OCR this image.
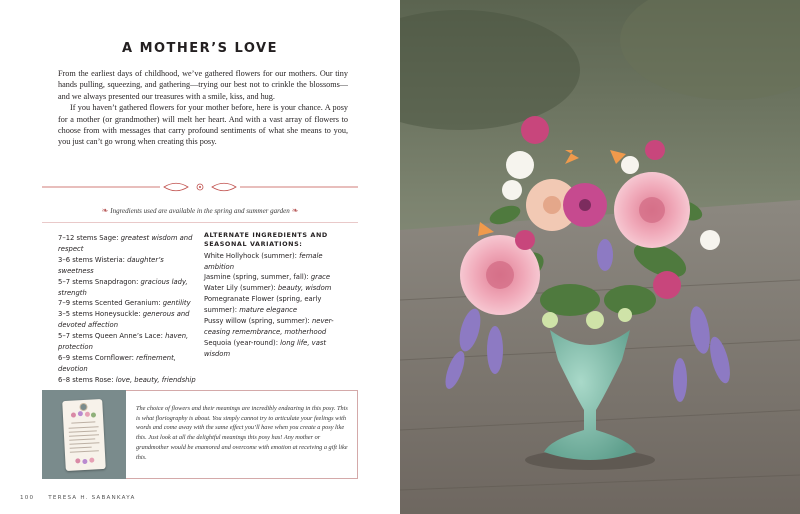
A MOTHER’S LOVE

From the earliest days of childhood, we’ve gathered flowers for our mothers. Our tiny hands pulling, squeezing, and gathering—trying our best not to crinkle the blossoms—and we always presented our treasures with a smile, kiss, and hug.

If you haven’t gathered flowers for your mother before, here is your chance. A posy for a mother (or grandmother) will melt her heart. And with a vast array of flowers to choose from with messages that carry profound sentiments of what she means to you, you just can’t go wrong when creating this posy.

❧ Ingredients used are available in the spring and summer garden ❧

7–12 stems Sage: greatest wisdom and respect

3–6 stems Wisteria: daughter’s sweetness

5–7 stems Snapdragon: gracious lady, strength

7–9 stems Scented Geranium: gentility

3–5 stems Honeysuckle: generous and devoted affection

5–7 stems Queen Anne’s Lace: haven, protection

6–9 stems Cornflower: refinement, devotion

6–8 stems Rose: love, beauty, friendship

ALTERNATE INGREDIENTS AND SEASONAL VARIATIONS:
White Hollyhock (summer): female ambition
Jasmine (spring, summer, fall): grace
Water Lily (summer): beauty, wisdom
Pomegranate Flower (spring, early summer): mature elegance
Pussy willow (spring, summer): never-ceasing remembrance, motherhood
Sequoia (year-round): long life, vast wisdom
The choice of flowers and their meanings are incredibly endearing in this posy. This is what floriography is about. You simply cannot try to articulate your feelings with words and come away with the same effect you’ll have when you create a posy like this. Just look at all the delightful meanings this posy has! Any mother or grandmother would be enamored and overcome with emotion at receiving a gift like this.
100	TERESA H. SABANKAYA
